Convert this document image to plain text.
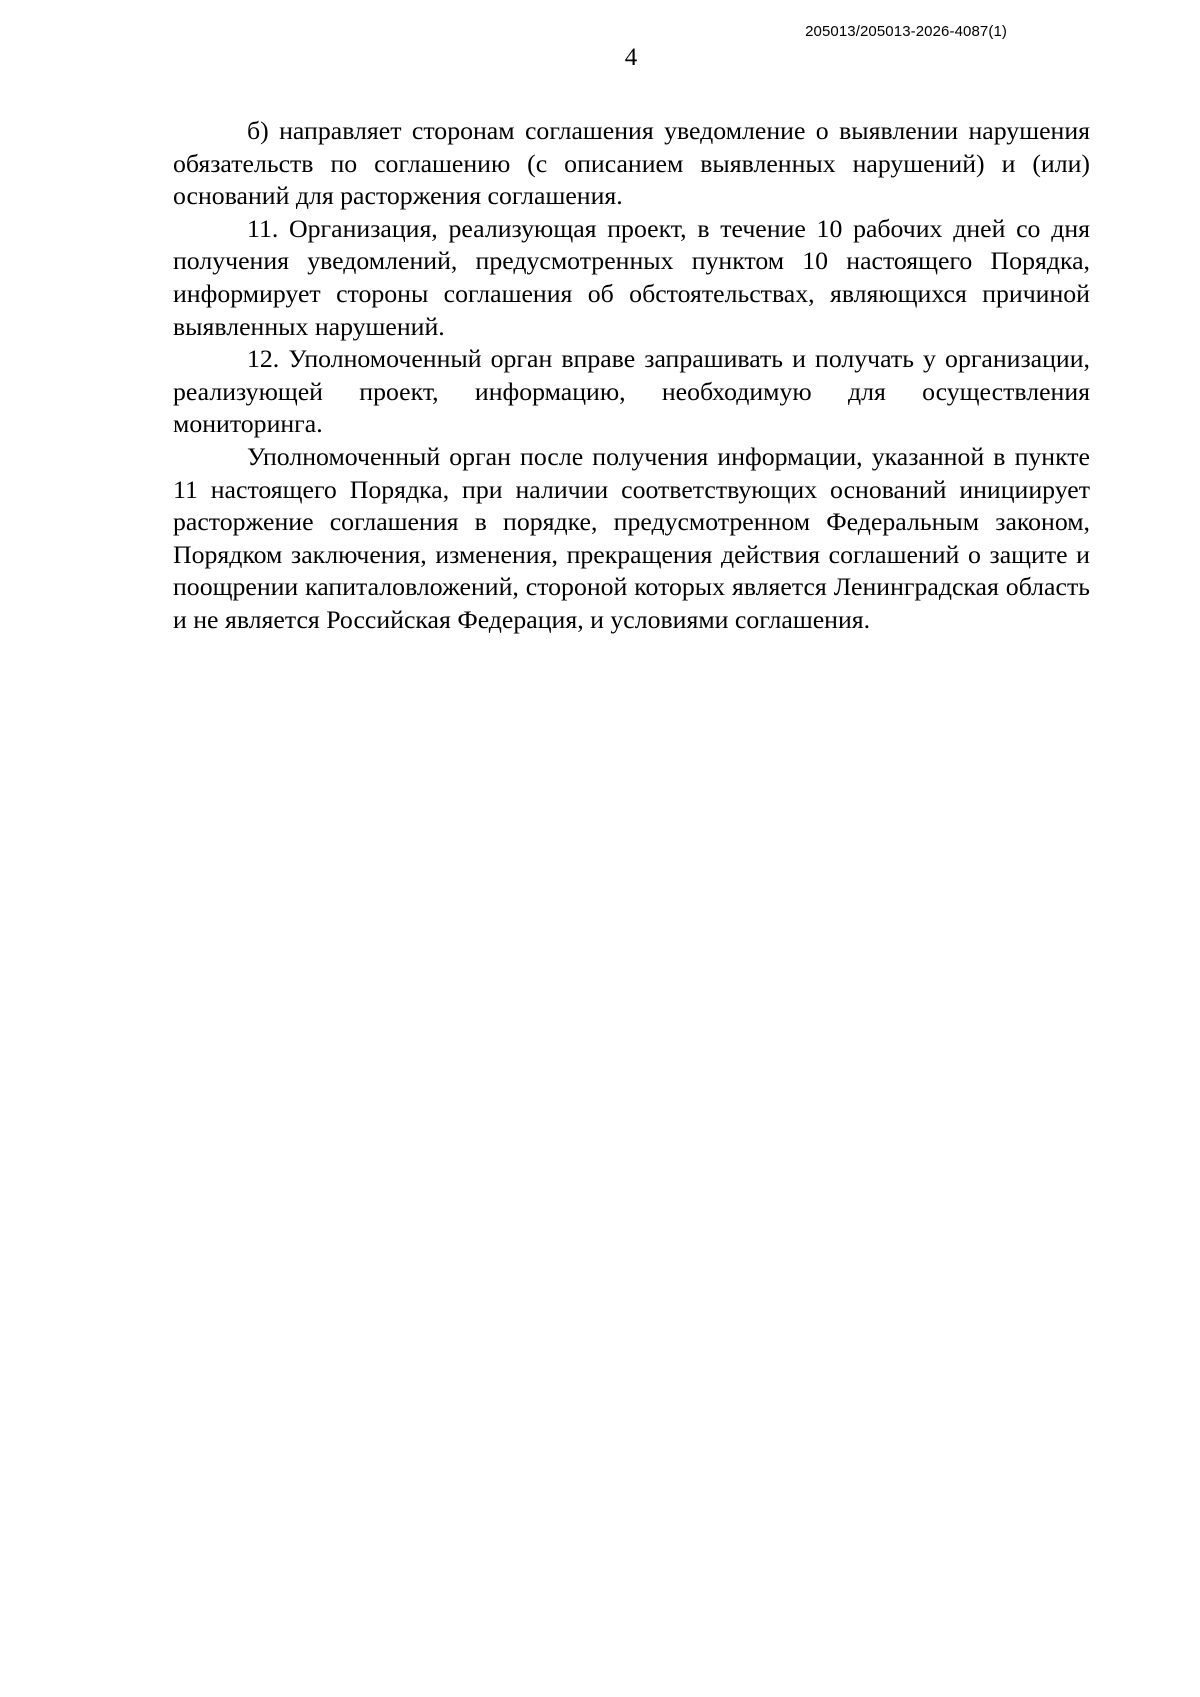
205013/205013-2026-4087(1)
4

б) направляет сторонам соглашения уведомление о выявлении нарушения обязательств по соглашению (с описанием выявленных нарушений) и (или) оснований для расторжения соглашения.

11. Организация, реализующая проект, в течение 10 рабочих дней со дня получения уведомлений, предусмотренных пунктом 10 настоящего Порядка, информирует стороны соглашения об обстоятельствах, являющихся причиной выявленных нарушений.

12. Уполномоченный орган вправе запрашивать и получать у организации, реализующей проект, информацию, необходимую для осуществления мониторинга.

Уполномоченный орган после получения информации, указанной в пункте 11 настоящего Порядка, при наличии соответствующих оснований инициирует расторжение соглашения в порядке, предусмотренном Федеральным законом, Порядком заключения, изменения, прекращения действия соглашений о защите и поощрении капиталовложений, стороной которых является Ленинградская область и не является Российская Федерация, и условиями соглашения.
